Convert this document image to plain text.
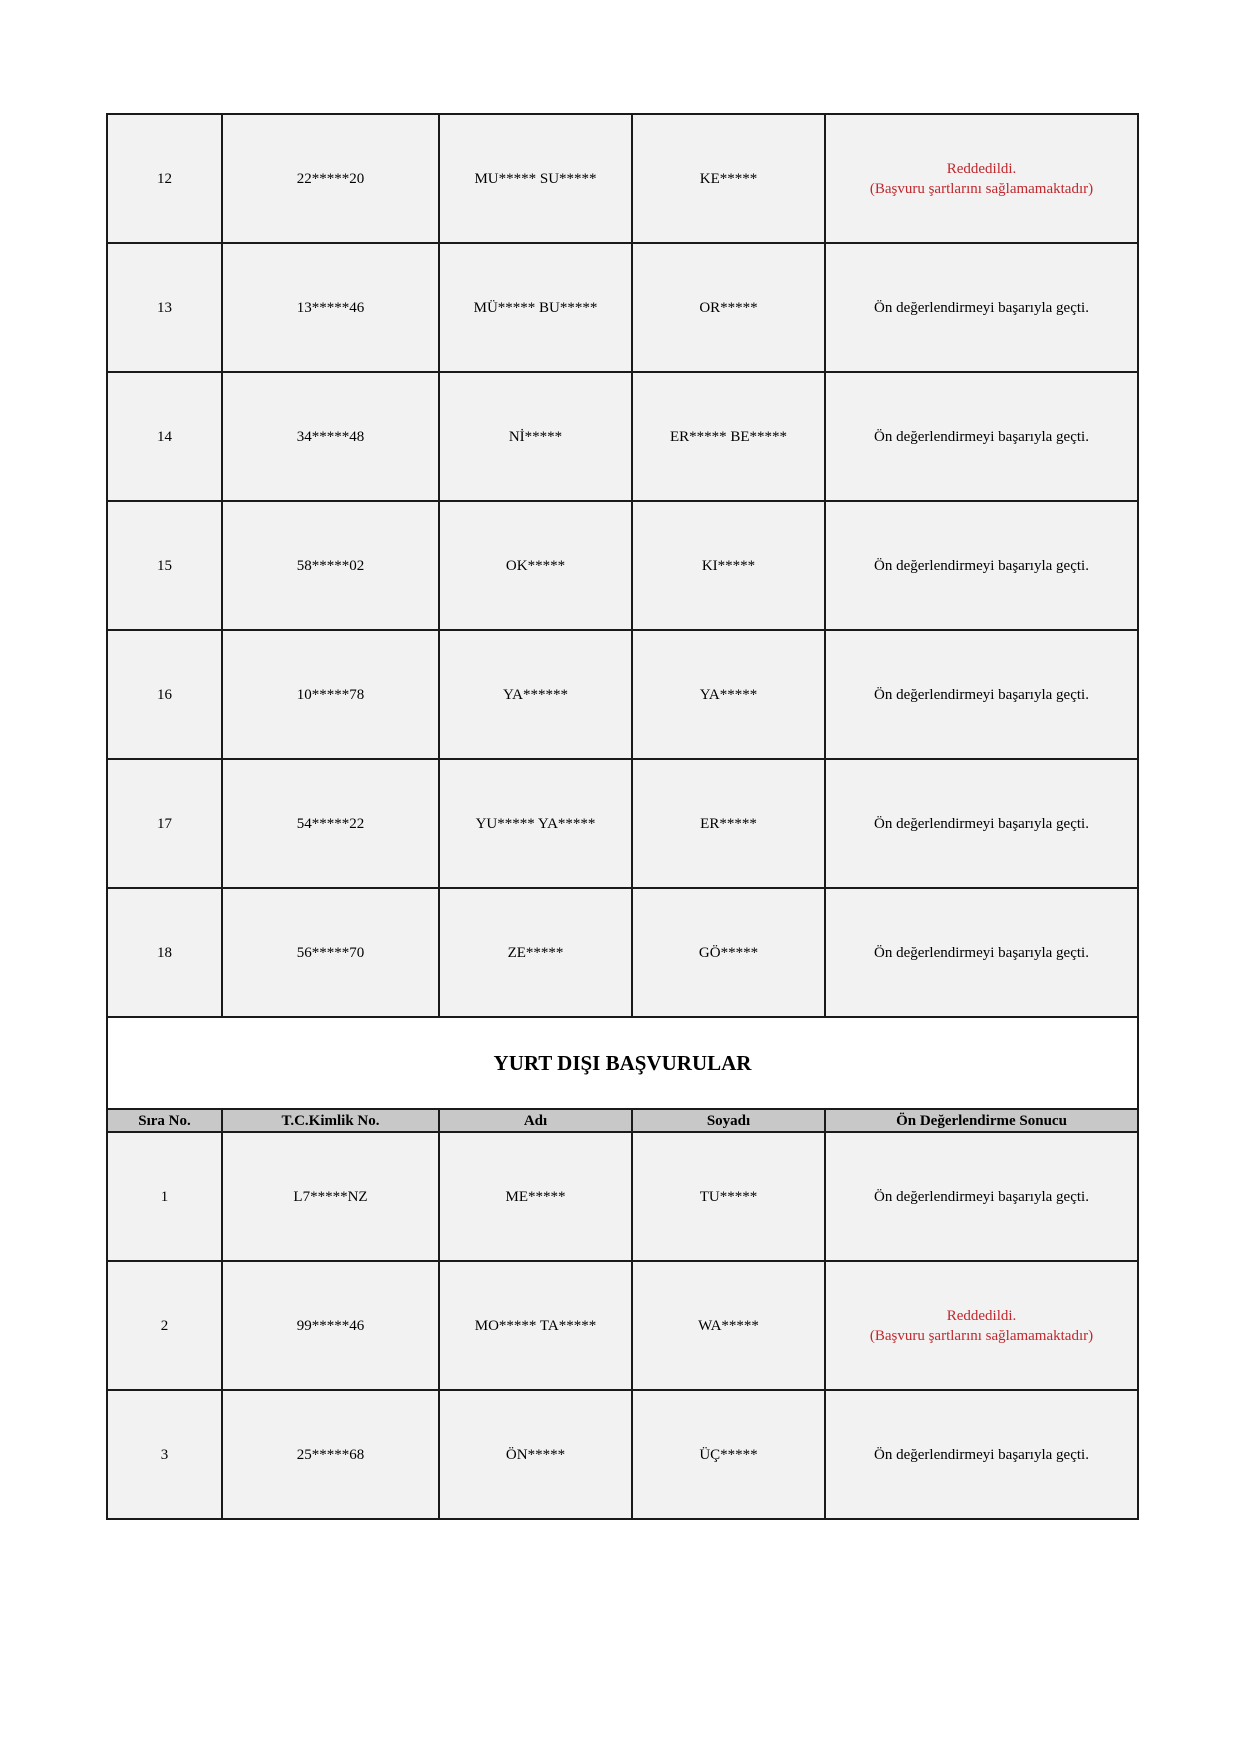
12	22*****20	MU***** SU*****	KE*****	Reddedildi.
(Başvuru şartlarını sağlamamaktadır)

13	13*****46	MÜ***** BU*****	OR*****	Ön değerlendirmeyi başarıyla geçti.
14	34*****48	Nİ*****	ER***** BE*****	Ön değerlendirmeyi başarıyla geçti.
15	58*****02	OK*****	KI*****	Ön değerlendirmeyi başarıyla geçti.
16	10*****78	YA******	YA*****	Ön değerlendirmeyi başarıyla geçti.
17	54*****22	YU***** YA*****	ER*****	Ön değerlendirmeyi başarıyla geçti.
18	56*****70	ZE*****	GÖ*****	Ön değerlendirmeyi başarıyla geçti.
YURT DIŞI BAŞVURULAR				
Sıra No.	T.C.Kimlik No.	Adı	Soyadı	Ön Değerlendirme Sonucu
1	L7*****NZ	ME*****	TU*****	Ön değerlendirmeyi başarıyla geçti.
2	99*****46	MO***** TA*****	WA*****	Reddedildi.
(Başvuru şartlarını sağlamamaktadır)

3	25*****68	ÖN*****	ÜÇ*****	Ön değerlendirmeyi başarıyla geçti.
